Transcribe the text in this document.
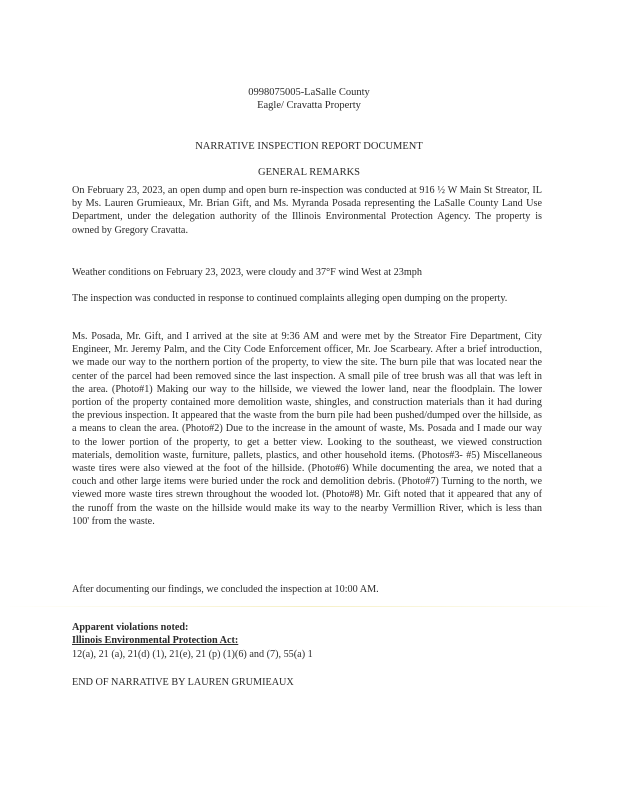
0998075005-LaSalle County
Eagle/ Cravatta Property
NARRATIVE INSPECTION REPORT DOCUMENT
GENERAL REMARKS
On February 23, 2023, an open dump and open burn re-inspection was conducted at 916 ½ W Main St Streator, IL by Ms. Lauren Grumieaux, Mr. Brian Gift, and Ms. Myranda Posada representing the LaSalle County Land Use Department, under the delegation authority of the Illinois Environmental Protection Agency. The property is owned by Gregory Cravatta.
Weather conditions on February 23, 2023, were cloudy and 37°F wind West at 23mph
The inspection was conducted in response to continued complaints alleging open dumping on the property.
Ms. Posada, Mr. Gift, and I arrived at the site at 9:36 AM and were met by the Streator Fire Department, City Engineer, Mr. Jeremy Palm, and the City Code Enforcement officer, Mr. Joe Scarbeary. After a brief introduction, we made our way to the northern portion of the property, to view the site. The burn pile that was located near the center of the parcel had been removed since the last inspection. A small pile of tree brush was all that was left in the area. (Photo#1) Making our way to the hillside, we viewed the lower land, near the floodplain. The lower portion of the property contained more demolition waste, shingles, and construction materials than it had during the previous inspection. It appeared that the waste from the burn pile had been pushed/dumped over the hillside, as a means to clean the area. (Photo#2) Due to the increase in the amount of waste, Ms. Posada and I made our way to the lower portion of the property, to get a better view. Looking to the southeast, we viewed construction materials, demolition waste, furniture, pallets, plastics, and other household items. (Photos#3- #5) Miscellaneous waste tires were also viewed at the foot of the hillside. (Photo#6) While documenting the area, we noted that a couch and other large items were buried under the rock and demolition debris. (Photo#7) Turning to the north, we viewed more waste tires strewn throughout the wooded lot. (Photo#8) Mr. Gift noted that it appeared that any of the runoff from the waste on the hillside would make its way to the nearby Vermillion River, which is less than 100' from the waste.
After documenting our findings, we concluded the inspection at 10:00 AM.
Apparent violations noted:
Illinois Environmental Protection Act:
12(a), 21 (a), 21(d) (1), 21(e), 21 (p) (1)(6) and (7), 55(a) 1
END OF NARRATIVE BY LAUREN GRUMIEAUX
